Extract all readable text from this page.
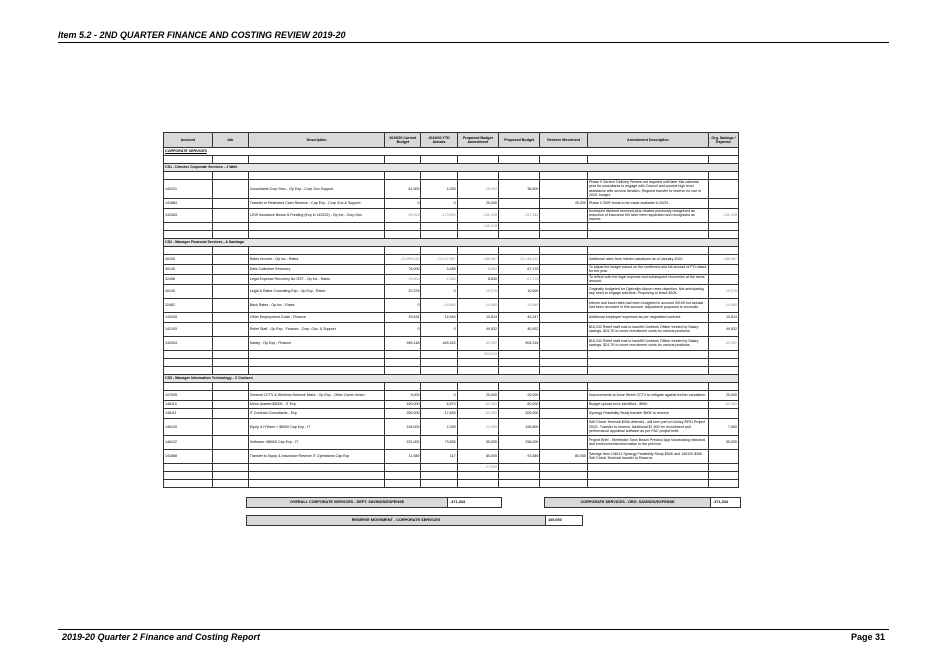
Item 5.2 - 2ND QUARTER FINANCE AND COSTING REVIEW 2019-20
Account	Job	Description	2019/20 Current Budget	2019/20 YTD Actuals	Proposed Budget Amendment	Proposed Budget	Reserve Movement	Amendment Description	Org. Savings / Expense
CORPORATE SERVICES									

CS1 - Director Corporate Services - J Watt									

142231		Consultants Corp Serv - Op Exp - Corp Gov Support	61,500	4,393	-25,000	36,500		Phase II Service Delivery Review not required until later this calendar year for consultants to engage with Council and provide high level assistance with second iteration. Request transfer to reserve for use in 20/21 budget.	
141884		Transfer to Restricted Cash Reserve - Cap Exp - Corp Gov & Support	0	0	25,000		25,000	Phase II SDR funds to be made available in 20/21.	
142283		LGIS Insurance Bonus & Funding (Exp in 142232) - Op Inc - Corp Gov	-96,924	-173,890	-140,418	-237,342		Increased dividend received plus rebates previously recognised as reduction of insurance bill have been separated and recognised as income.	-140,418
					-140,418				

CS2 - Manager Financial Services - A Santiago									

30105		Rates Income - Op Inc - Rates	-22,959,445	-23,147,867	-188,967	-23,148,412		Additional rates from interim valuations as of January 2020.	-188,967
30145		Debt Collection Recovery	76,000	3,455	-8,830	67,170		To adjust the budget based on the confirmed and full amount of PO raised for the year.	
32456		Legal Expense Recovery No GST - Op Inc - Rates	-76,000	-4,385	8,830	-67,170		To reflect both the legal expense and subsequent recoveries at the same amount.	
30149		Legal & Rates Consulting Exp - Op Exp - Rates	20,376	0	-10,376	10,000		Originally budgeted for Djarindjin Airport rates objection. Not anticipating any need to engage solicitors. Proposing to leave $10K.	-10,376
32462		Back Rates - Op Inc - Rates	0	-14,880	-14,880	-14,880		Interim and back rates had been budgeted in account 30105 but actuals had been recorded in this account. Adjustment proposed to reconcile.	-14,880
142039		Other Employment Costs - Finance	29,434	15,944	10,813	40,247		Additional employee expenses as per negotiated contract.	10,813
142193		Relief Staff - Op Exp - Finance - Corp. Gov. & Support	0	0	40,932	40,932		$16,232 Relief staff cost to backfill Creditors Officer funded by Salary savings. $24.7K to cover recruitment costs for various positions.	40,932
142004		Salary - Op Exp - Finance	945,148	449,422	-40,932	904,216		$16,232 Relief staff cost to backfill Creditors Officer funded by Salary savings. $24.7K to cover recruitment costs for various positions.	-40,932
					-203,410				

CS5 - Manager Information Technology - C Coulson									

107035		General CCTV & Wireless Network Maint - Op Exp - Other Comm Amen	9,000	0	20,000	29,000		Improvements to Anne Street CCTV to mitigate against further vandalism.	20,000
146110		Minor Assets<$5000 - IT Exp	150,000	6,570	-90,000	60,000		Budget upload error identified - $90K	-90,000
146111		IT Contract Consultants - Exp	250,000	17,635	-50,000	200,000		Synergy Feasibility Study transfer $50K to reserve	
146120		Equip & H'Ware > $5000 Cap Exp - IT	218,000	2,259	-22,500	195,500		Self Check Terminal $30k deferred - will form part of Library RFID Project 20/21. Transfer to reserve. Additional $7,500 for recruitment and performance appraisal software as per P&C project brief.	7,500
146122		Software >$5000 Cap Exp - IT	221,000	73,835	35,000	256,000		Project Brief - Streetwise Town Beach Precinct App showcasing historical and environmental information in the precinct.	35,000
141888		Transfer to Equip & Insurance Reserve IT Operations Cap Exp	11,589	117	80,000	91,589	80,000	Savings from 146111 Synergy Feasibility Study $50K and 146120 $30K Self Check Terminal transfer to Reserve.	
					-27,500				

OVERALL CORPORATE SERVICES - DEPT. SAVINGS/EXPENSE	-371,334	CORPORATE SERVICES - ORG. SAVINGS/EXPENSE	-371,334
RESERVE MOVEMENT - CORPORATE SERVICES	105,000
2019-20 Quarter 2 Finance and Costing Report	Page 31
